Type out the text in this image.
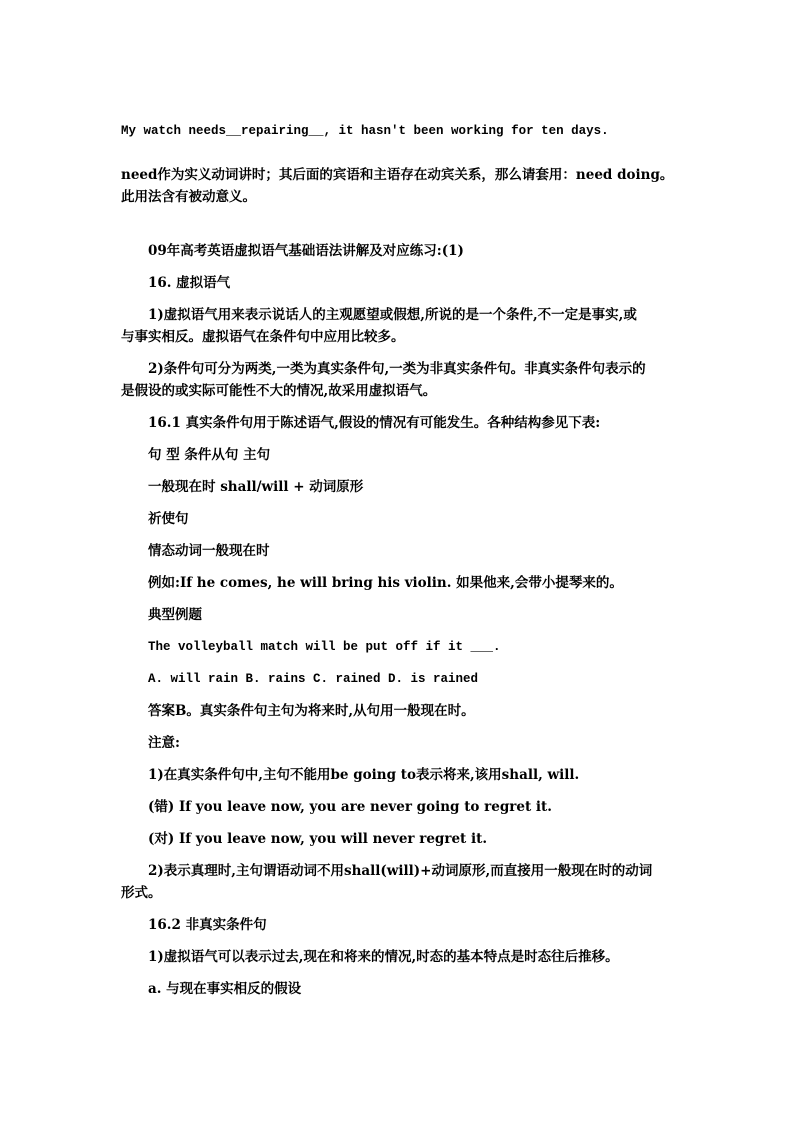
My watch needs__repairing__, it hasn't been working for ten days.
need作为实义动词讲时；其后面的宾语和主语存在动宾关系，那么请套用：need doing。
此用法含有被动意义。
09年高考英语虚拟语气基础语法讲解及对应练习:(1)
16. 虚拟语气
1)虚拟语气用来表示说话人的主观愿望或假想,所说的是一个条件,不一定是事实,或
与事实相反。虚拟语气在条件句中应用比较多。
2)条件句可分为两类,一类为真实条件句,一类为非真实条件句。非真实条件句表示的
是假设的或实际可能性不大的情况,故采用虚拟语气。
16.1 真实条件句用于陈述语气,假设的情况有可能发生。各种结构参见下表:
句 型 条件从句 主句
一般现在时 shall/will + 动词原形
祈使句
情态动词一般现在时
例如:If he comes, he will bring his violin. 如果他来,会带小提琴来的。
典型例题
The volleyball match will be put off if it ___.
A. will rain B. rains C. rained D. is rained
答案B。真实条件句主句为将来时,从句用一般现在时。
注意:
1)在真实条件句中,主句不能用be going to表示将来,该用shall, will.
(错) If you leave now, you are never going to regret it.
(对) If you leave now, you will never regret it.
2)表示真理时,主句谓语动词不用shall(will)+动词原形,而直接用一般现在时的动词
形式。
16.2 非真实条件句
1)虚拟语气可以表示过去,现在和将来的情况,时态的基本特点是时态往后推移。
a. 与现在事实相反的假设
